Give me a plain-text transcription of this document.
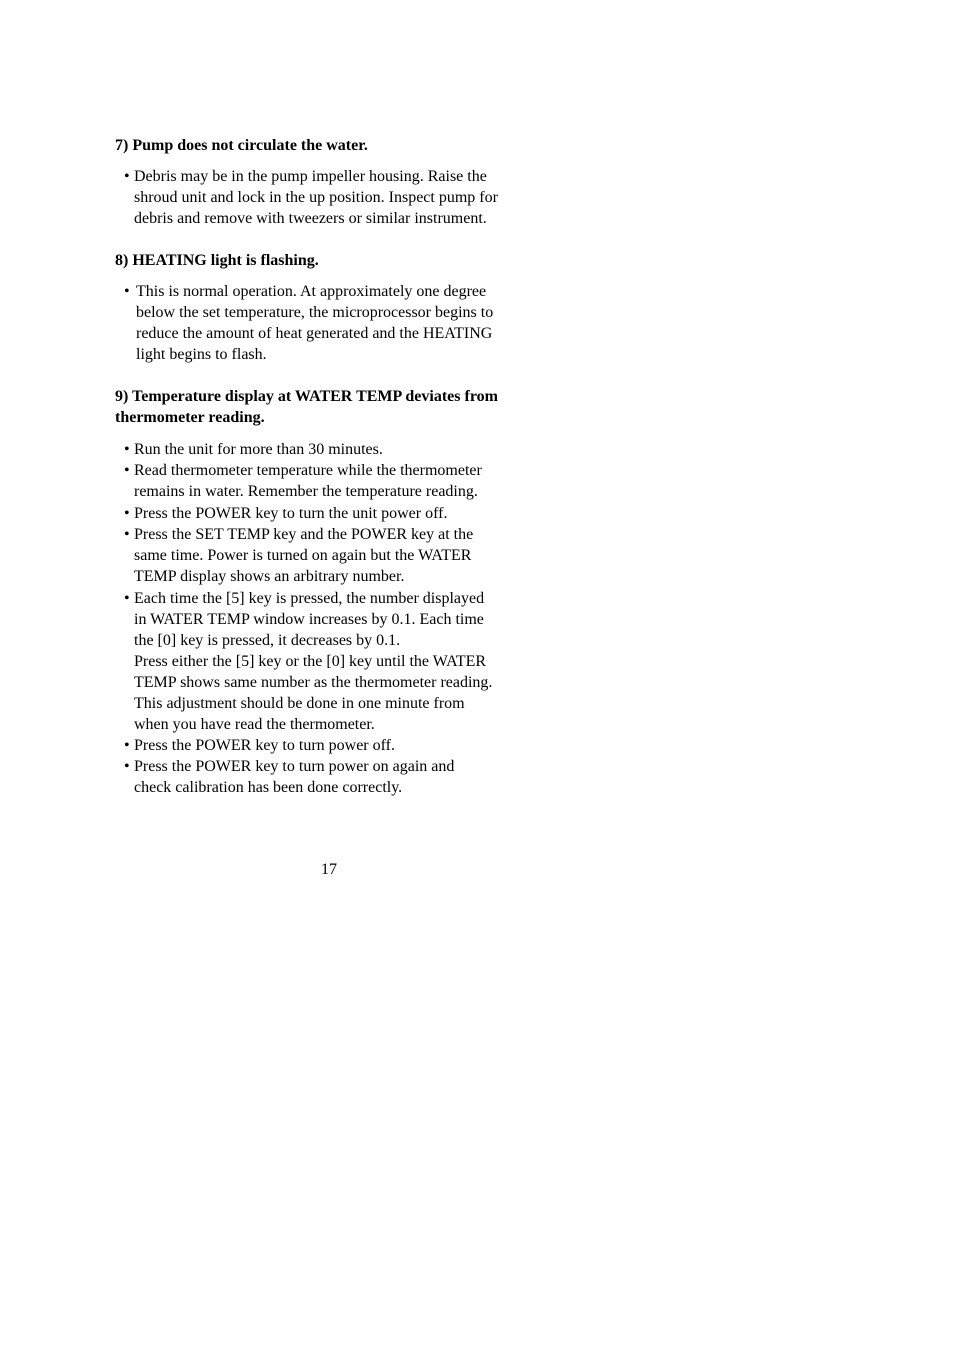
7) Pump does not circulate the water.
• Debris may be in the pump impeller housing. Raise the
shroud unit and lock in the up position. Inspect pump for
debris and remove with tweezers or similar instrument.
8) HEATING light is flashing.
• This is normal operation. At approximately one degree
below the set temperature, the microprocessor begins to
reduce the amount of heat generated and the HEATING
light begins to flash.
9) Temperature display at WATER TEMP deviates from
thermometer reading.
• Run the unit for more than 30 minutes.
• Read thermometer temperature while the thermometer
remains in water. Remember the temperature reading.
• Press the POWER key to turn the unit power off.
• Press the SET TEMP key and the POWER key at the
same time. Power is turned on again but the WATER
TEMP display shows an arbitrary number.
• Each time the [5] key is pressed, the number displayed
in WATER TEMP window increases by 0.1. Each time
the [0] key is pressed, it decreases by 0.1.
Press either the [5] key or the [0] key until the WATER
TEMP shows same number as the thermometer reading.
This adjustment should be done in one minute from
when you have read the thermometer.
• Press the POWER key to turn power off.
• Press the POWER key to turn power on again and
check calibration has been done correctly.
17
